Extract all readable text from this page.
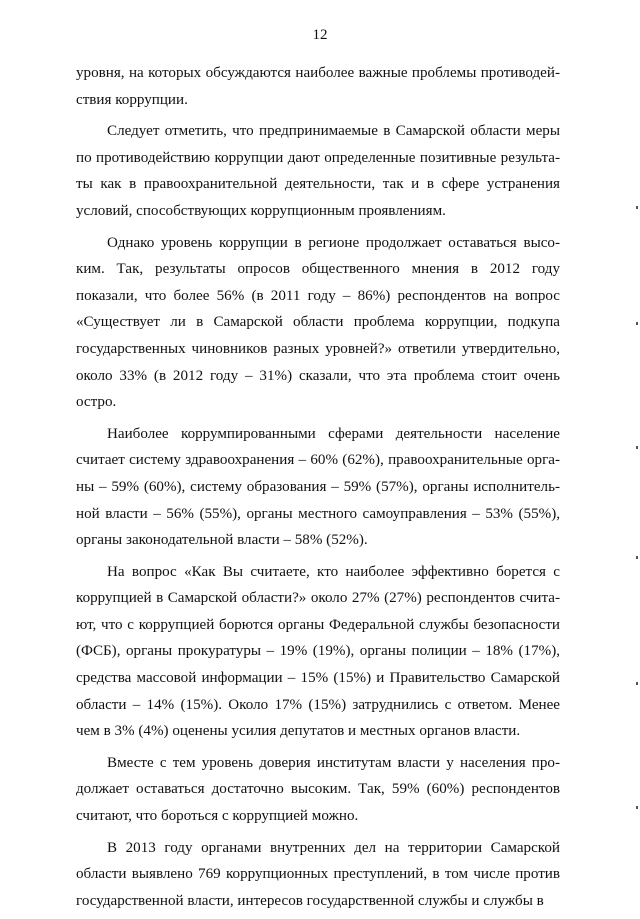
12

уровня, на которых обсуждаются наиболее важные проблемы противодействия коррупции.

Следует отметить, что предпринимаемые в Самарской области меры по противодействию коррупции дают определенные позитивные результаты как в правоохранительной деятельности, так и в сфере устранения условий, способствующих коррупционным проявлениям.

Однако уровень коррупции в регионе продолжает оставаться высоким. Так, результаты опросов общественного мнения в 2012 году показали, что более 56% (в 2011 году – 86%) респондентов на вопрос «Существует ли в Самарской области проблема коррупции, подкупа государственных чиновников разных уровней?» ответили утвердительно, около 33% (в 2012 году – 31%) сказали, что эта проблема стоит очень остро.

Наиболее коррумпированными сферами деятельности население считает систему здравоохранения – 60% (62%), правоохранительные органы – 59% (60%), систему образования – 59% (57%), органы исполнительной власти – 56% (55%), органы местного самоуправления – 53% (55%), органы законодательной власти – 58% (52%).

На вопрос «Как Вы считаете, кто наиболее эффективно борется с коррупцией в Самарской области?» около 27% (27%) респондентов считают, что с коррупцией борются органы Федеральной службы безопасности (ФСБ), органы прокуратуры – 19% (19%), органы полиции – 18% (17%), средства массовой информации – 15% (15%) и Правительство Самарской области – 14% (15%). Около 17% (15%) затруднились с ответом. Менее чем в 3% (4%) оценены усилия депутатов и местных органов власти.

Вместе с тем уровень доверия институтам власти у населения продолжает оставаться достаточно высоким. Так, 59% (60%) респондентов считают, что бороться с коррупцией можно.

В 2013 году органами внутренних дел на территории Самарской области выявлено 769 коррупционных преступлений, в том числе против государственной власти, интересов государственной службы и службы в
